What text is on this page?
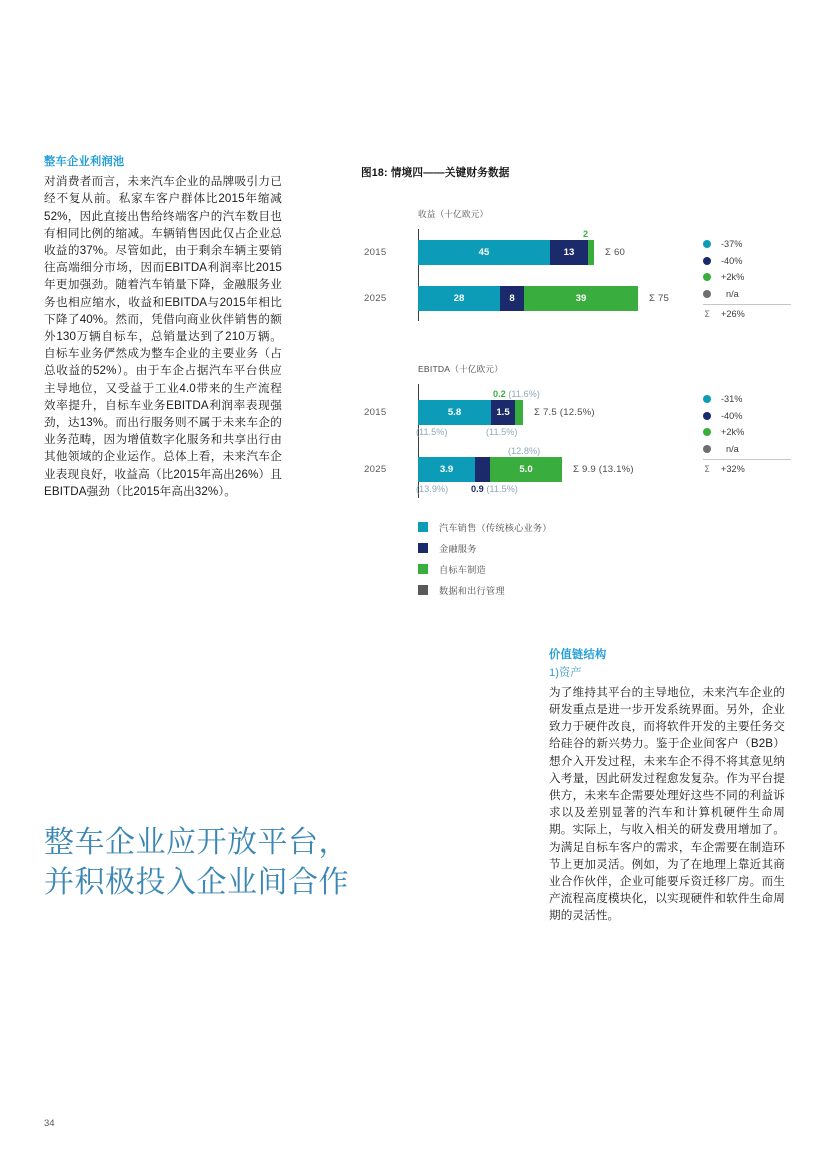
整车企业利润池
对消费者而言，未来汽车企业的品牌吸引力已经不复从前。私家车客户群体比2015年缩减52%，因此直接出售给终端客户的汽车数目也有相同比例的缩减。车辆销售因此仅占企业总收益的37%。尽管如此，由于剩余车辆主要销往高端细分市场，因而EBITDA利润率比2015年更加强劲。随着汽车销量下降，金融服务业务也相应缩水，收益和EBITDA与2015年相比下降了40%。然而，凭借向商业伙伴销售的额外130万辆自标车，总销量达到了210万辆。自标车业务俨然成为整车企业的主要业务（占总收益的52%）。由于车企占据汽车平台供应主导地位，又受益于工业4.0带来的生产流程效率提升，自标车业务EBITDA利润率表现强劲，达13%。而出行服务则不属于未来车企的业务范畴，因为增值数字化服务和共享出行由其他领域的企业运作。总体上看，未来汽车企业表现良好，收益高（比2015年高出26%）且EBITDA强劲（比2015年高出32%）。
图18: 情境四——关键财务数据
收益（十亿欧元）
2015	45	13
2
Σ 60
2025	28	8	39	Σ 75
-37%
-40%
+2k%
n/a
Σ +26%
EBITDA（十亿欧元）
2015	5.8
(11.5%)
1.5
(11.5%)
0.2 (11.6%)
Σ 7.5 (12.5%)
2025	3.9
(13.9%) 0.9 (11.5%)
5.0
(12.8%)
Σ 9.9 (13.1%)
-31%
-40%
+2k%
n/a
Σ +32%
汽车销售（传统核心业务）
金融服务
自标车制造
数据和出行管理
价值链结构
1)资产
为了维持其平台的主导地位，未来汽车企业的研发重点是进一步开发系统界面。另外，企业致力于硬件改良，而将软件开发的主要任务交给硅谷的新兴势力。鉴于企业间客户（B2B）想介入开发过程，未来车企不得不将其意见纳入考量，因此研发过程愈发复杂。作为平台提供方，未来车企需要处理好这些不同的利益诉求以及差别显著的汽车和计算机硬件生命周期。实际上，与收入相关的研发费用增加了。为满足自标车客户的需求，车企需要在制造环节上更加灵活。例如，为了在地理上靠近其商业合作伙伴，企业可能要斥资迁移厂房。而生产流程高度模块化，以实现硬件和软件生命周期的灵活性。
整车企业应开放平台，
并积极投入企业间合作
34
